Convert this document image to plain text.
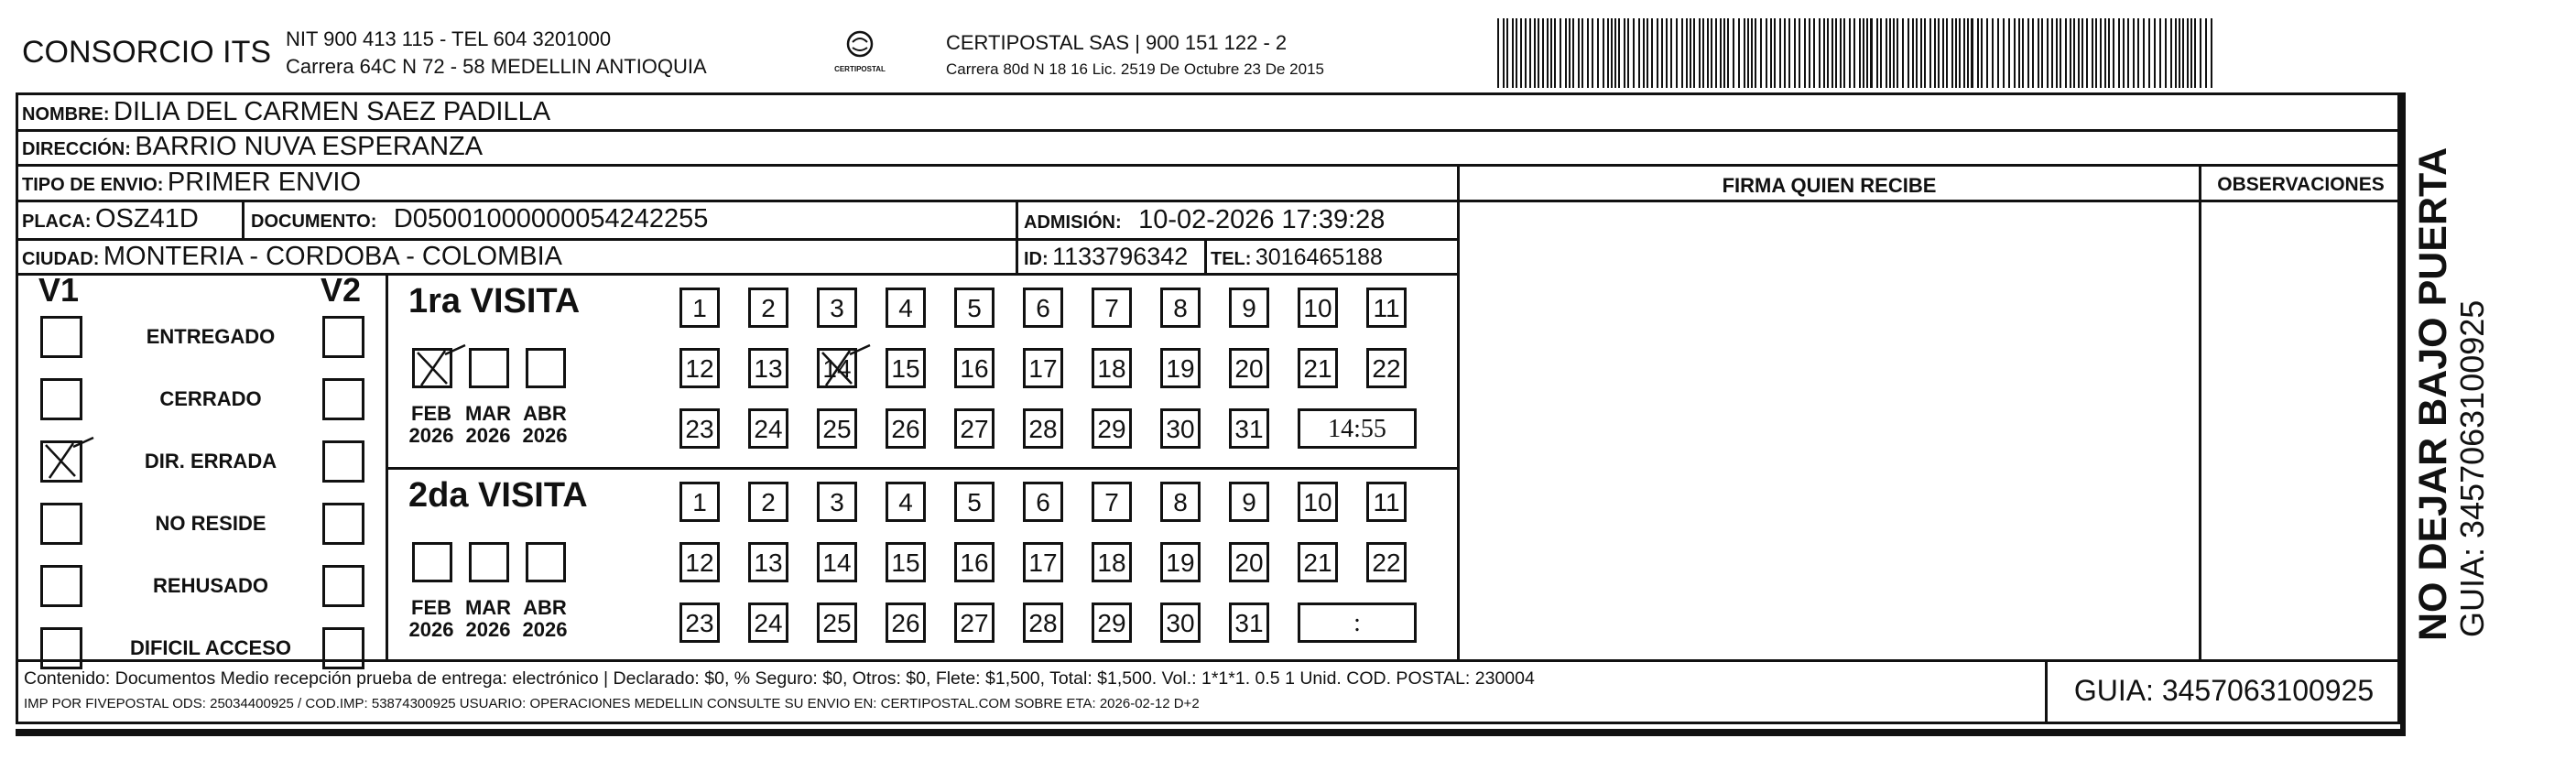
CONSORCIO ITS NIT 900 413 115 - TEL 604 3201000
Carrera 64C N 72 - 58 MEDELLIN ANTIOQUIA	CERTIPOSTAL
CERTIPOSTAL SAS | 900 151 122 - 2
Carrera 80d N 18 16 Lic. 2519 De Octubre 23 De 2015
NOMBRE: DILIA DEL CARMEN SAEZ PADILLA
DIRECCIÓN: BARRIO NUVA ESPERANZA
TIPO DE ENVIO: PRIMER ENVIO
PLACA: OSZ41D	DOCUMENTO: D05001000000054242255	ADMISIÓN: 10-02-2026 17:39:28
CIUDAD: MONTERIA - CORDOBA - COLOMBIA	ID: 1133796342 TEL: 3016465188
FIRMA QUIEN RECIBE	OBSERVACIONES
V1	V2
ENTREGADO
CERRADO
DIR. ERRADA
NO RESIDE
REHUSADO
DIFICIL ACCESO
1ra VISITA
FEB
2026
MAR
2026
ABR
2026
1	2	3	4	5	6	7	8	9	10 11
12 13 14 15 16 17 18 19 20 21 22
23 24 25 26 27 28 29 30 31	14:55
2da VISITA
FEB
2026
MAR
2026
ABR
2026
1	2	3	4	5	6	7	8	9	10 11
12 13 14 15 16 17 18 19 20 21 22
23 24 25 26 27 28 29 30 31	:
Contenido: Documentos Medio recepción prueba de entrega: electrónico | Declarado: $0, % Seguro: $0, Otros: $0, Flete: $1,500, Total: $1,500. Vol.: 1*1*1. 0.5 1 Unid. COD. POSTAL: 230004
IMP POR FIVEPOSTAL ODS: 25034400925 / COD.IMP: 53874300925 USUARIO: OPERACIONES MEDELLIN CONSULTE SU ENVIO EN: CERTIPOSTAL.COM SOBRE ETA: 2026-02-12 D+2	GUIA: 3457063100925
NO DEJAR BAJO PUERTA
GUIA: 3457063100925
